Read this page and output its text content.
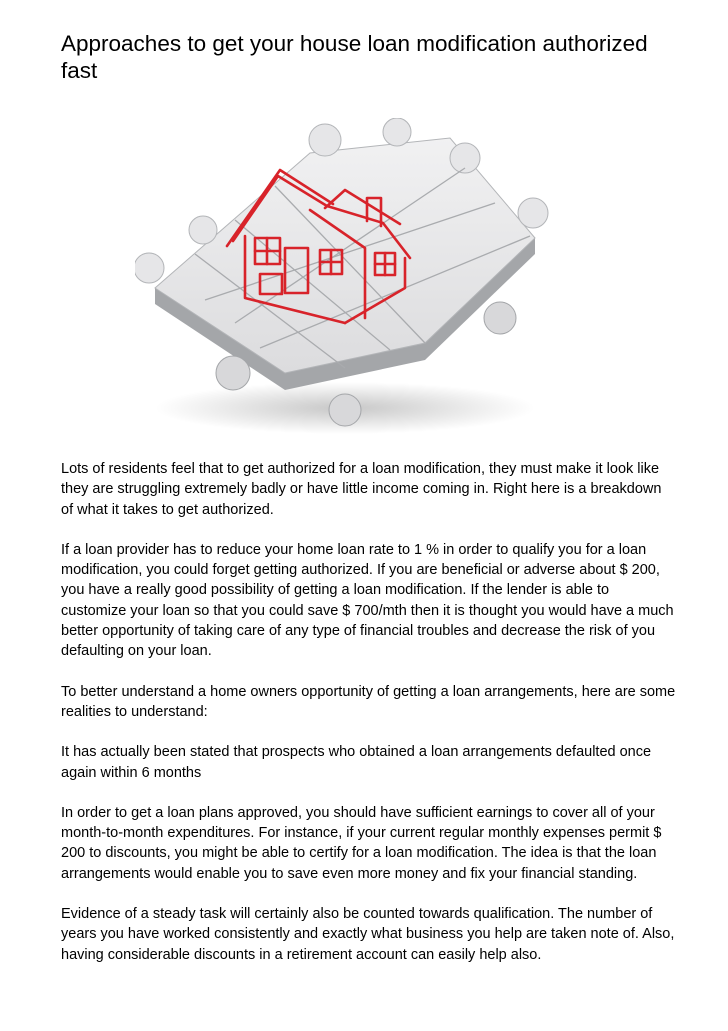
Approaches to get your house loan modification authorized fast

Lots of residents feel that to get authorized for a loan modification, they must make it look like they are struggling extremely badly or have little income coming in. Right here is a breakdown of what it takes to get authorized.

If a loan provider has to reduce your home loan rate to 1 % in order to qualify you for a loan modification, you could forget getting authorized. If you are beneficial or adverse about $ 200, you have a really good possibility of getting a loan modification. If the lender is able to customize your loan so that you could save $ 700/mth then it is thought you would have a much better opportunity of taking care of any type of financial troubles and decrease the risk of you defaulting on your loan.

To better understand a home owners opportunity of getting a loan arrangements, here are some realities to understand:

It has actually been stated that prospects who obtained a loan arrangements defaulted once again within 6 months

In order to get a loan plans approved, you should have sufficient earnings to cover all of your month-to-month expenditures. For instance, if your current regular monthly expenses permit $ 200 to discounts, you might be able to certify for a loan modification. The idea is that the loan arrangements would enable you to save even more money and fix your financial standing.

Evidence of a steady task will certainly also be counted towards qualification. The number of years you have worked consistently and exactly what business you help are taken note of. Also, having considerable discounts in a retirement account can easily help also.
